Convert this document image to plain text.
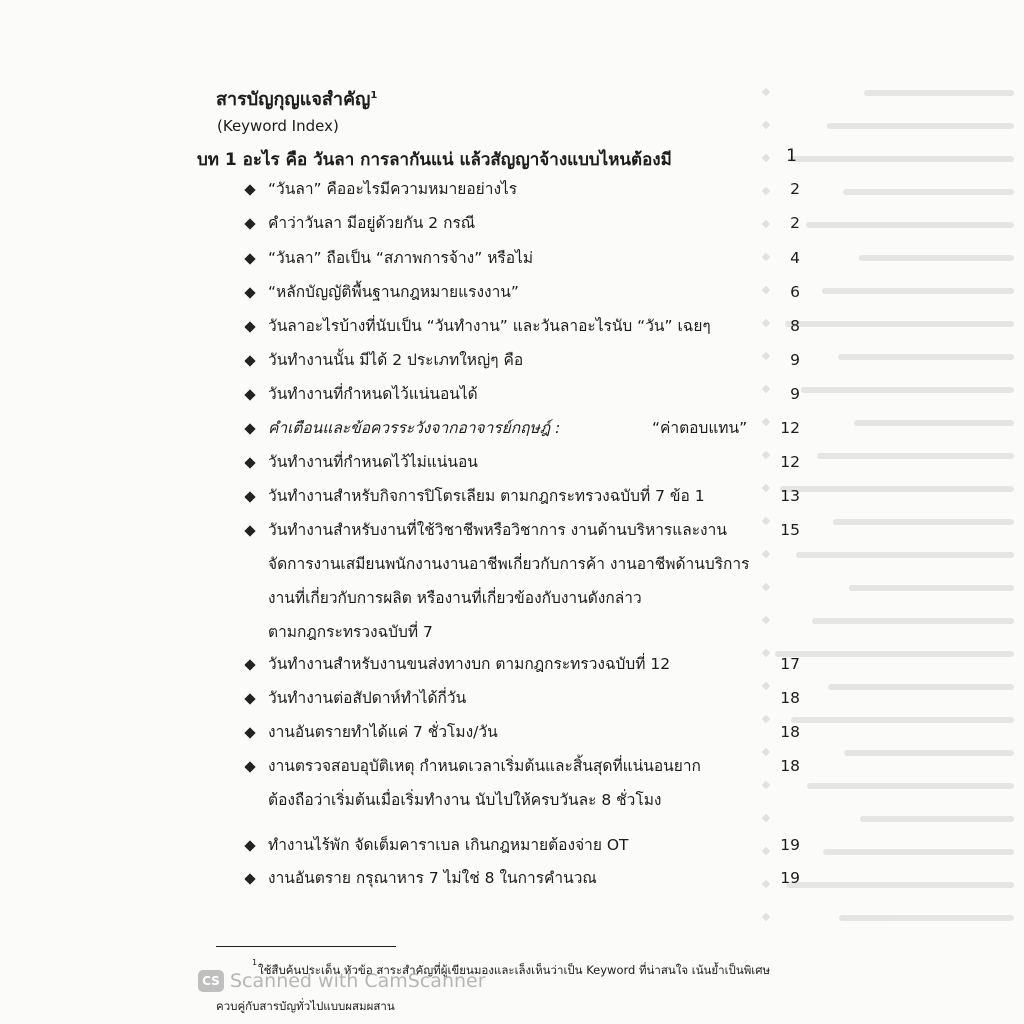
สารบัญกุญแจสำคัญ$^1$
(Keyword Index)
บท 1 อะไร คือ วันลา การลากันแน่ แล้วสัญญาจ้างแบบไหนต้องมี	1
“วันลา” คืออะไรมีความหมายอย่างไร	2
คำว่าวันลา มีอยู่ด้วยกัน 2 กรณี	2
“วันลา” ถือเป็น “สภาพการจ้าง” หรือไม่	4
“หลักบัญญัติพื้นฐานกฎหมายแรงงาน”	6
วันลาอะไรบ้างที่นับเป็น “วันทำงาน” และวันลาอะไรนับ “วัน” เฉยๆ	8
วันทำงานนั้น มีได้ 2 ประเภทใหญ่ๆ คือ	9
วันทำงานที่กำหนดไว้แน่นอนได้	9
คำเตือนและข้อควรระวังจากอาจารย์กฤษฎ์ :	“ค่าตอบแทน”	12
วันทำงานที่กำหนดไว้ไม่แน่นอน	12
วันทำงานสำหรับกิจการปิโตรเลียม ตามกฎกระทรวงฉบับที่ 7 ข้อ 1	13
วันทำงานสำหรับงานที่ใช้วิชาชีพหรือวิชาการ งานด้านบริหารและงาน	15
จัดการงานเสมียนพนักงานงานอาชีพเกี่ยวกับการค้า งานอาชีพด้านบริการ
งานที่เกี่ยวกับการผลิต หรืองานที่เกี่ยวข้องกับงานดังกล่าว
ตามกฎกระทรวงฉบับที่ 7
วันทำงานสำหรับงานขนส่งทางบก ตามกฎกระทรวงฉบับที่ 12	17
วันทำงานต่อสัปดาห์ทำได้กี่วัน	18
งานอันตรายทำได้แค่ 7 ชั่วโมง/วัน	18
งานตรวจสอบอุบัติเหตุ กำหนดเวลาเริ่มต้นและสิ้นสุดที่แน่นอนยาก	18
ต้องถือว่าเริ่มต้นเมื่อเริ่มทำงาน นับไปให้ครบวันละ 8 ชั่วโมง
ทำงานไร้พัก จัดเต็มคาราเบล เกินกฎหมายต้องจ่าย OT	19
งานอันตราย กรุณาหาร 7 ไม่ใช่ 8 ในการคำนวณ	19
1
ใช้สืบค้นประเด็น หัวข้อ สาระสำคัญที่ผู้เขียนมองและเล็งเห็นว่าเป็น Keyword ที่น่าสนใจ เน้นย้ำเป็นพิเศษ
ควบคู่กับสารบัญทั่วไปแบบผสมผสาน
CS Scanned with CamScanner
